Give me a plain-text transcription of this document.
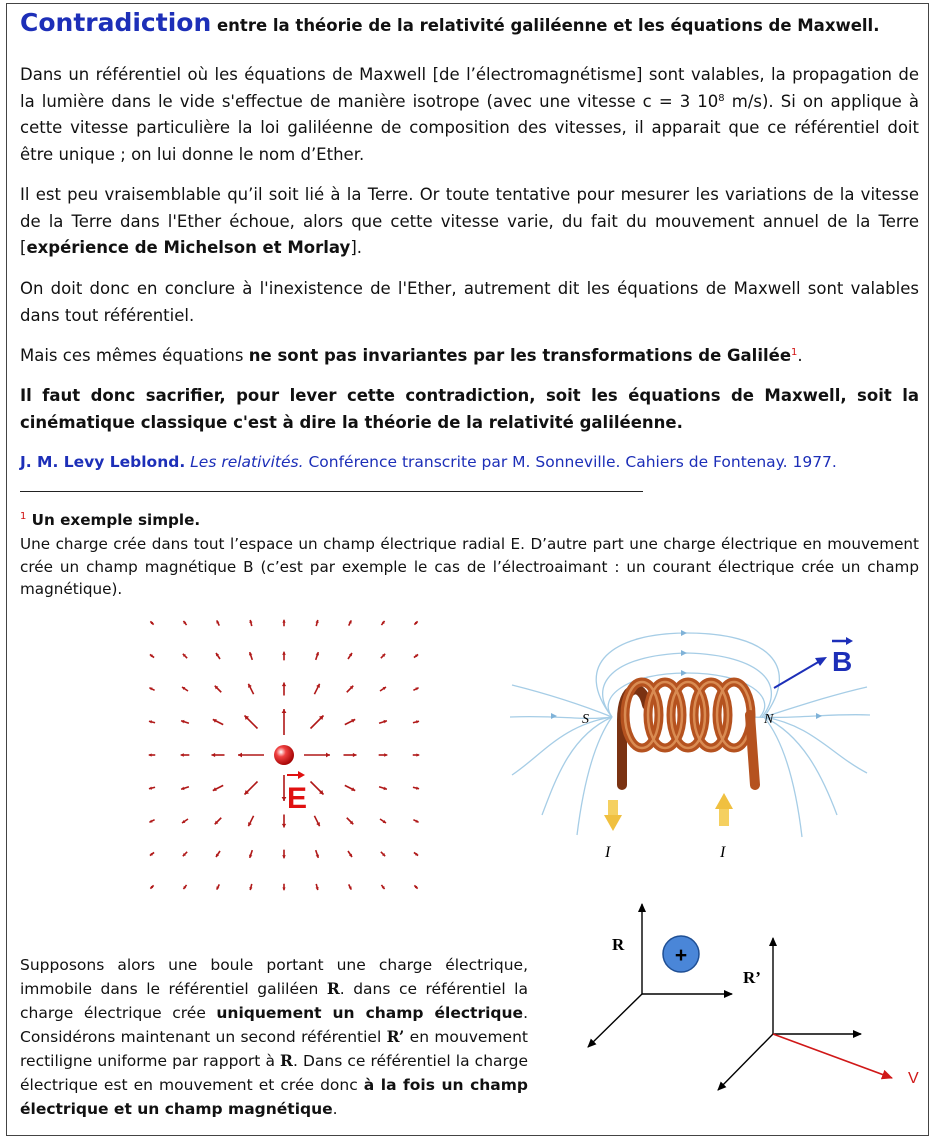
Contradiction entre la théorie de la relativité galiléenne et les équations de Maxwell.
Dans un référentiel où les équations de Maxwell [de l’électromagnétisme] sont valables, la propagation de la lumière dans le vide s'effectue de manière isotrope (avec une vitesse c = 3 $10^8$ m/s). Si on applique à cette vitesse particulière la loi galiléenne de composition des vitesses, il apparait que ce référentiel doit être unique ; on lui donne le nom d’Ether.
Il est peu vraisemblable qu’il soit lié à la Terre. Or toute tentative pour mesurer les variations de la vitesse de la Terre dans l'Ether échoue, alors que cette vitesse varie, du fait du mouvement annuel de la Terre [expérience de Michelson et Morlay].
On doit donc en conclure à l'inexistence de l'Ether, autrement dit les équations de Maxwell sont valables dans tout référentiel.
Mais ces mêmes équations ne sont pas invariantes par les transformations de Galilée$^1$.
Il faut donc sacrifier, pour lever cette contradiction, soit les équations de Maxwell, soit la cinématique classique c'est à dire la théorie de la relativité galiléenne.
J. M. Levy Leblond. Les relativités. Conférence transcrite par M. Sonneville. Cahiers de Fontenay. 1977.
$^1$ Un exemple simple.
Une charge crée dans tout l’espace un champ électrique radial E. D’autre part une charge électrique en mouvement crée un champ magnétique B (c’est par exemple le cas de l’électroaimant : un courant électrique crée un champ magnétique).
E
I	I
S	N
B
Supposons alors une boule portant une charge électrique, immobile dans le référentiel galiléen R. dans ce référentiel la charge électrique crée uniquement un champ électrique. Considérons maintenant un second référentiel R’ en mouvement rectiligne uniforme par rapport à R. Dans ce référentiel la charge électrique est en mouvement et crée donc à la fois un champ électrique et un champ magnétique.
R +
R’
V
